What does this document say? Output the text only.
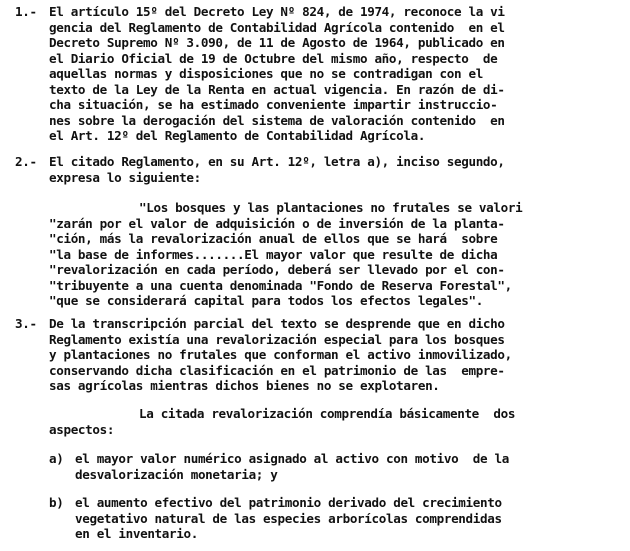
1.- El artículo 15º del Decreto Ley Nº 824, de 1974, reconoce la vi
gencia del Reglamento de Contabilidad Agrícola contenido  en el
Decreto Supremo Nº 3.090, de 11 de Agosto de 1964, publicado en
el Diario Oficial de 19 de Octubre del mismo año, respecto  de
aquellas normas y disposiciones que no se contradigan con el
texto de la Ley de la Renta en actual vigencia. En razón de di-
cha situación, se ha estimado conveniente impartir instruccio-
nes sobre la derogación del sistema de valoración contenido  en
el Art. 12º del Reglamento de Contabilidad Agrícola.
2.- El citado Reglamento, en su Art. 12º, letra a), inciso segundo,
expresa lo siguiente:
"Los bosques y las plantaciones no frutales se valori
"zarán por el valor de adquisición o de inversión de la planta-
"ción, más la revalorización anual de ellos que se hará  sobre
"la base de informes.......El mayor valor que resulte de dicha
"revalorización en cada período, deberá ser llevado por el con-
"tribuyente a una cuenta denominada "Fondo de Reserva Forestal",
"que se considerará capital para todos los efectos legales".
3.- De la transcripción parcial del texto se desprende que en dicho
Reglamento existía una revalorización especial para los bosques
y plantaciones no frutales que conforman el activo inmovilizado,
conservando dicha clasificación en el patrimonio de las  empre-
sas agrícolas mientras dichos bienes no se explotaren.
La citada revalorización comprendía básicamente  dos
aspectos:
a) el mayor valor numérico asignado al activo con motivo  de la
desvalorización monetaria; y
b) el aumento efectivo del patrimonio derivado del crecimiento
vegetativo natural de las especies arborícolas comprendidas
en el inventario.
